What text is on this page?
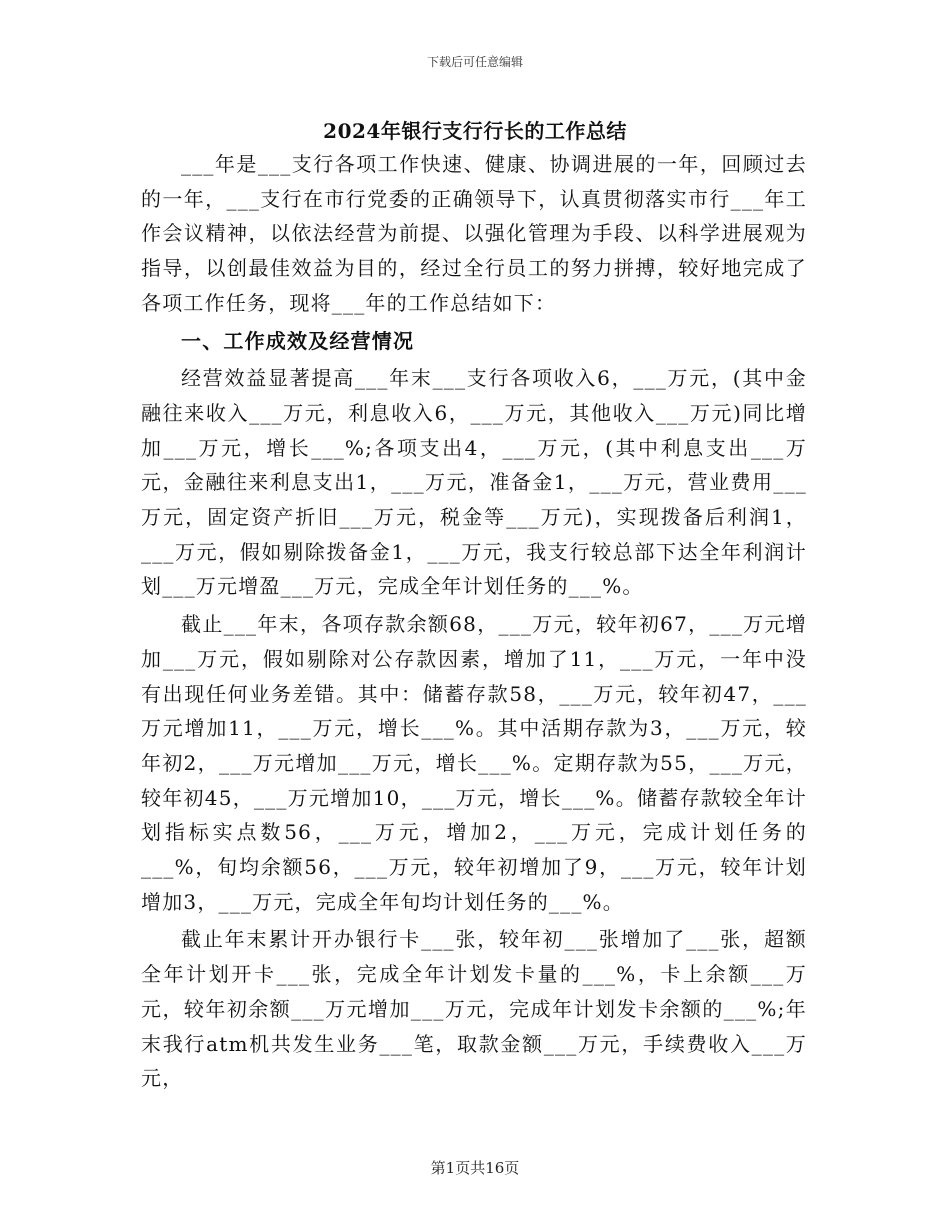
下载后可任意编辑
2024年银行支行行长的工作总结

___年是___支行各项工作快速、健康、协调进展的一年，回顾过去的一年，___支行在市行党委的正确领导下，认真贯彻落实市行___年工作会议精神，以依法经营为前提、以强化管理为手段、以科学进展观为指导，以创最佳效益为目的，经过全行员工的努力拼搏，较好地完成了各项工作任务，现将___年的工作总结如下：

一、工作成效及经营情况

经营效益显著提高___年末___支行各项收入6，___万元，(其中金融往来收入___万元，利息收入6，___万元，其他收入___万元)同比增加___万元，增长___%;各项支出4，___万元，(其中利息支出___万元，金融往来利息支出1，___万元，准备金1，___万元，营业费用___万元，固定资产折旧___万元，税金等___万元)，实现拨备后利润1，___万元，假如剔除拨备金1，___万元，我支行较总部下达全年利润计划___万元增盈___万元，完成全年计划任务的___%。

截止___年末，各项存款余额68，___万元，较年初67，___万元增加___万元，假如剔除对公存款因素，增加了11，___万元，一年中没有出现任何业务差错。其中：储蓄存款58，___万元，较年初47，___万元增加11，___万元，增长___%。其中活期存款为3，___万元，较年初2，___万元增加___万元，增长___%。定期存款为55，___万元，较年初45，___万元增加10，___万元，增长___%。储蓄存款较全年计划指标实点数56，___万元，增加2，___万元，完成计划任务的___%，旬均余额56，___万元，较年初增加了9，___万元，较年计划增加3，___万元，完成全年旬均计划任务的___%。

截止年末累计开办银行卡___张，较年初___张增加了___张，超额全年计划开卡___张，完成全年计划发卡量的___%，卡上余额___万元，较年初余额___万元增加___万元，完成年计划发卡余额的___%;年末我行atm机共发生业务___笔，取款金额___万元，手续费收入___万元，

第1页共16页
